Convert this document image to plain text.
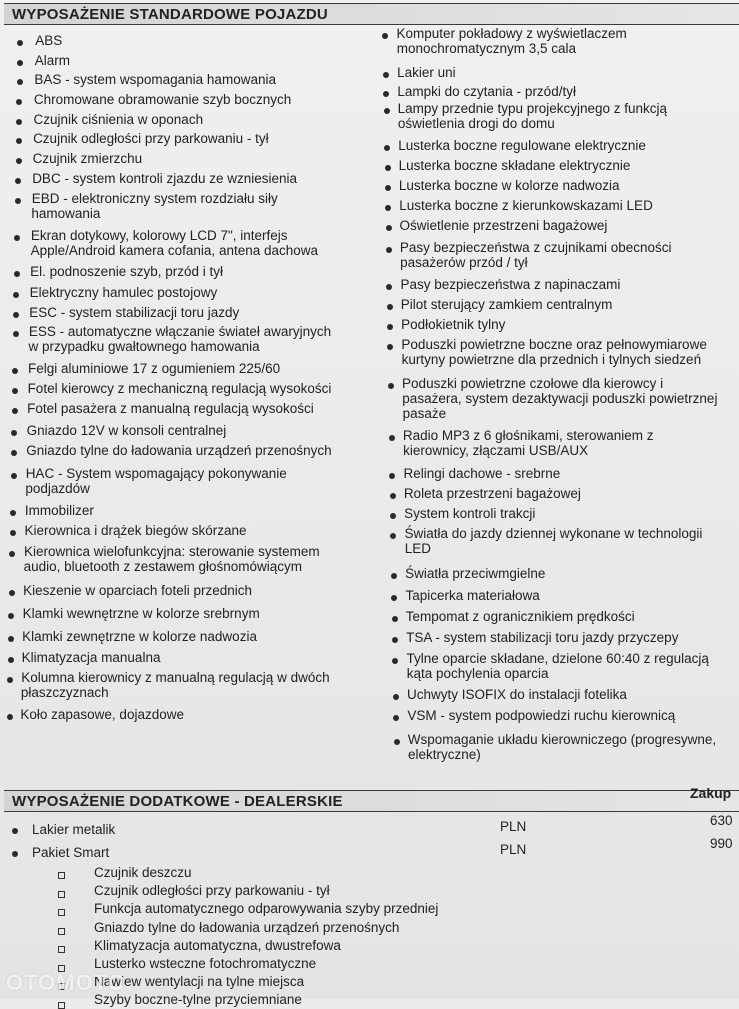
WYPOSAŻENIE STANDARDOWE POJAZDU
ABS
Alarm
BAS - system wspomagania hamowania
Chromowane obramowanie szyb bocznych
Czujnik ciśnienia w oponach
Czujnik odległości przy parkowaniu - tył
Czujnik zmierzchu
DBC - system kontroli zjazdu ze wzniesienia
EBD - elektroniczny system rozdziału siły
hamowania
Ekran dotykowy, kolorowy LCD 7", interfejs
Apple/Android kamera cofania, antena dachowa
El. podnoszenie szyb, przód i tył
Elektryczny hamulec postojowy
ESC - system stabilizacji toru jazdy
ESS - automatyczne włączanie świateł awaryjnych
w przypadku gwałtownego hamowania
Felgi aluminiowe 17 z ogumieniem 225/60
Fotel kierowcy z mechaniczną regulacją wysokości
Fotel pasażera z manualną regulacją wysokości
Gniazdo 12V w konsoli centralnej
Gniazdo tylne do ładowania urządzeń przenośnych
HAC - System wspomagający pokonywanie
podjazdów
Immobilizer
Kierownica i drążek biegów skórzane
Kierownica wielofunkcyjna: sterowanie systemem
audio, bluetooth z zestawem głośnomówiącym
Kieszenie w oparciach foteli przednich
Klamki wewnętrzne w kolorze srebrnym
Klamki zewnętrzne w kolorze nadwozia
Klimatyzacja manualna
Kolumna kierownicy z manualną regulacją w dwóch
płaszczyznach
Koło zapasowe, dojazdowe
Komputer pokładowy z wyświetlaczem
monochromatycznym 3,5 cala
Lakier uni
Lampki do czytania - przód/tył
Lampy przednie typu projekcyjnego z funkcją
oświetlenia drogi do domu
Lusterka boczne regulowane elektrycznie
Lusterka boczne składane elektrycznie
Lusterka boczne w kolorze nadwozia
Lusterka boczne z kierunkowskazami LED
Oświetlenie przestrzeni bagażowej
Pasy bezpieczeństwa z czujnikami obecności
pasażerów przód / tył
Pasy bezpieczeństwa z napinaczami
Pilot sterujący zamkiem centralnym
Podłokietnik tylny
Poduszki powietrzne boczne oraz pełnowymiarowe
kurtyny powietrzne dla przednich i tylnych siedzeń
Poduszki powietrzne czołowe dla kierowcy i
pasażera, system dezaktywacji poduszki powietrznej
pasaże
Radio MP3 z 6 głośnikami, sterowaniem z
kierownicy, złączami USB/AUX
Relingi dachowe - srebrne
Roleta przestrzeni bagażowej
System kontroli trakcji
Światła do jazdy dziennej wykonane w technologii
LED
Światła przeciwmgielne
Tapicerka materiałowa
Tempomat z ogranicznikiem prędkości
TSA - system stabilizacji toru jazdy przyczepy
Tylne oparcie składane, dzielone 60:40 z regulacją
kąta pochylenia oparcia
Uchwyty ISOFIX do instalacji fotelika
VSM - system podpowiedzi ruchu kierownicą
Wspomaganie układu kierowniczego (progresywne,
elektryczne)
WYPOSAŻENIE DODATKOWE - DEALERSKIE	Zakup
Lakier metalik	PLN	630
Pakiet Smart	PLN	990
Czujnik deszczu
Czujnik odległości przy parkowaniu - tył
Funkcja automatycznego odparowywania szyby przedniej
Gniazdo tylne do ładowania urządzeń przenośnych
Klimatyzacja automatyczna, dwustrefowa
Lusterko wsteczne fotochromatyczne
Nawiew wentylacji na tylne miejsca
Szyby boczne-tylne przyciemniane
OTOMOTO
